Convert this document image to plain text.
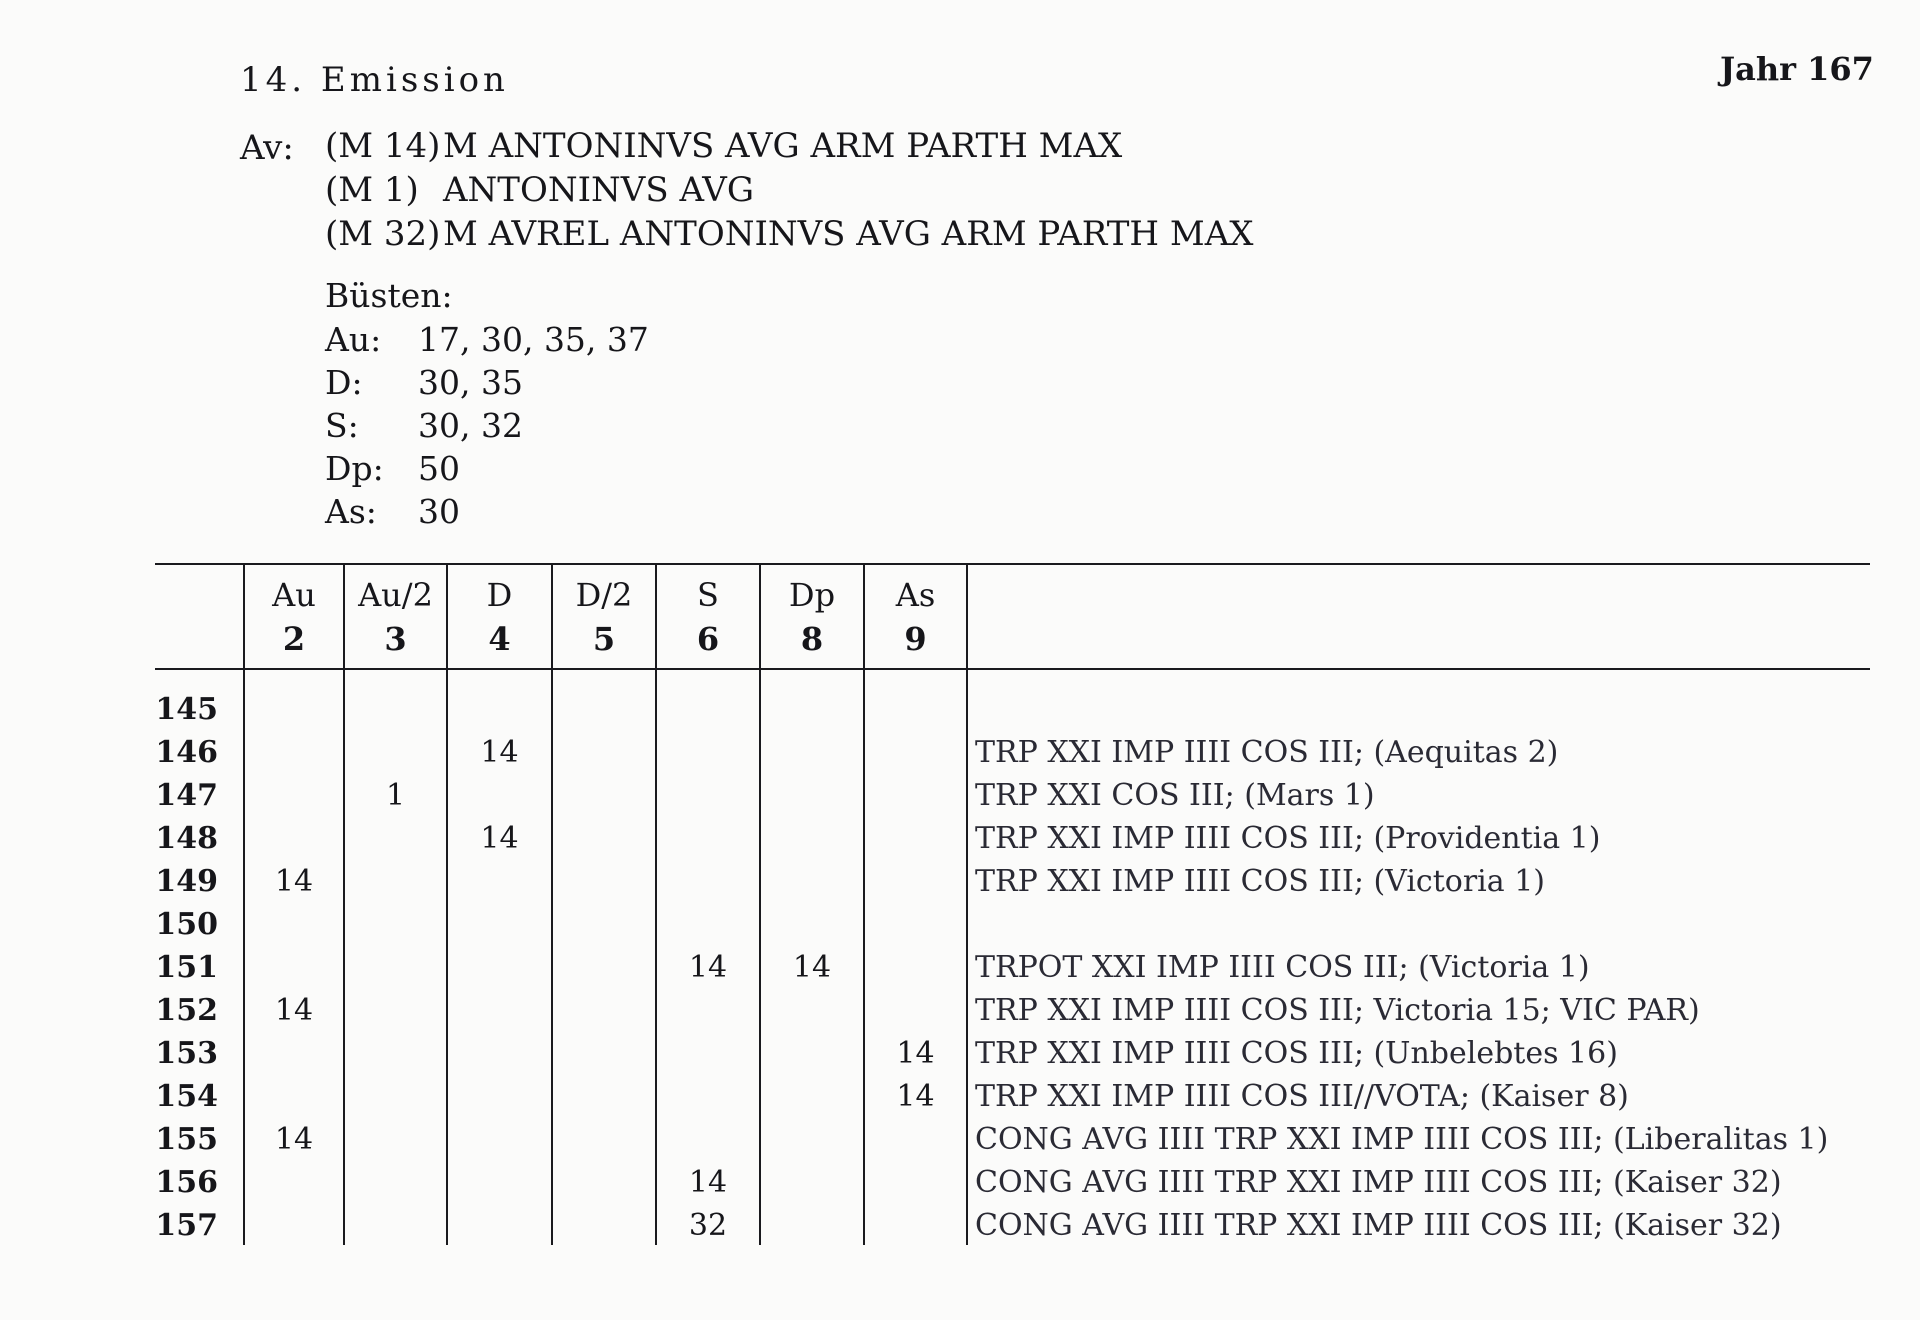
14. Emission	Jahr 167
Av: (M 14)M ANTONINVS AVG ARM PARTH MAX
(M 1) ANTONINVS AVG
(M 32)M AVREL ANTONINVS AVG ARM PARTH MAX
Büsten:
Au: 17, 30, 35, 37
D: 30, 35
S: 30, 32
Dp: 50
As: 30
Au
2
Au/2
3
D
4
D/2
5
S
6
Dp
8
As
9
145
146
147
148
149
150
151
152
153
154
155
156
157
14
1
14
14
14	14
14
14
14
14
14
32
TRP XXI IMP IIII COS III; (Aequitas 2)
TRP XXI COS III; (Mars 1)
TRP XXI IMP IIII COS III; (Providentia 1)
TRP XXI IMP IIII COS III; (Victoria 1)
TRPOT XXI IMP IIII COS III; (Victoria 1)
TRP XXI IMP IIII COS III; Victoria 15; VIC PAR)
TRP XXI IMP IIII COS III; (Unbelebtes 16)
TRP XXI IMP IIII COS III//VOTA; (Kaiser 8)
CONG AVG IIII TRP XXI IMP IIII COS III; (Liberalitas 1)
CONG AVG IIII TRP XXI IMP IIII COS III; (Kaiser 32)
CONG AVG IIII TRP XXI IMP IIII COS III; (Kaiser 32)
